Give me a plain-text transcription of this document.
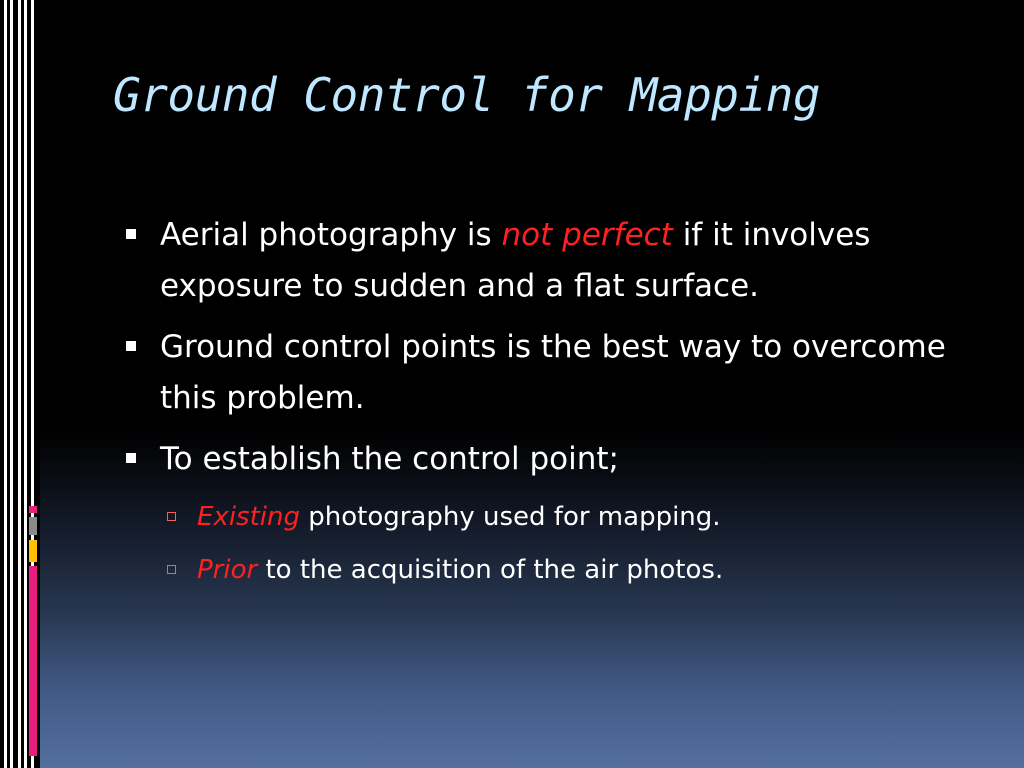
Ground Control for Mapping
Aerial photography is not perfect if it involves exposure to sudden and a flat surface.
Ground control points is the best way to overcome this problem.
To establish the control point;
Existing photography used for mapping.
Prior to the acquisition of the air photos.
